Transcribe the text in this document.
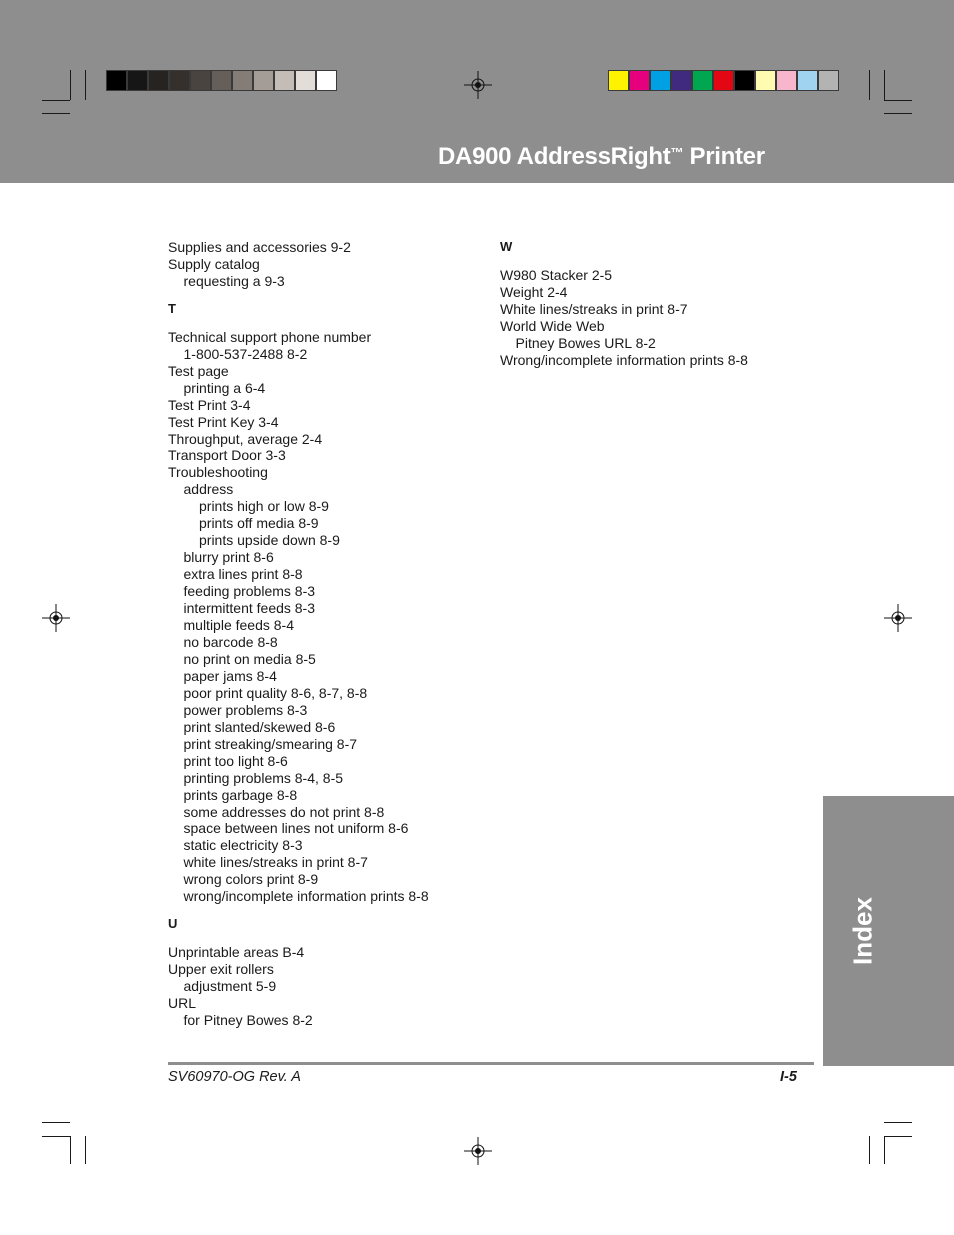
DA900 AddressRight™ Printer
Supplies and accessories 9-2
Supply catalog
requesting a 9-3
T
Technical support phone number
1-800-537-2488 8-2
Test page
printing a 6-4
Test Print 3-4
Test Print Key 3-4
Throughput, average 2-4
Transport Door 3-3
Troubleshooting
address
prints high or low 8-9
prints off media 8-9
prints upside down 8-9
blurry print 8-6
extra lines print 8-8
feeding problems 8-3
intermittent feeds 8-3
multiple feeds 8-4
no barcode 8-8
no print on media 8-5
paper jams 8-4
poor print quality 8-6, 8-7, 8-8
power problems 8-3
print slanted/skewed 8-6
print streaking/smearing 8-7
print too light 8-6
printing problems 8-4, 8-5
prints garbage 8-8
some addresses do not print 8-8
space between lines not uniform 8-6
static electricity 8-3
white lines/streaks in print 8-7
wrong colors print 8-9
wrong/incomplete information prints 8-8
U
Unprintable areas B-4
Upper exit rollers
adjustment 5-9
URL
for Pitney Bowes 8-2
W
W980 Stacker 2-5
Weight 2-4
White lines/streaks in print 8-7
World Wide Web
Pitney Bowes URL 8-2
Wrong/incomplete information prints 8-8
Index
SV60970-OG Rev. A	I-5
